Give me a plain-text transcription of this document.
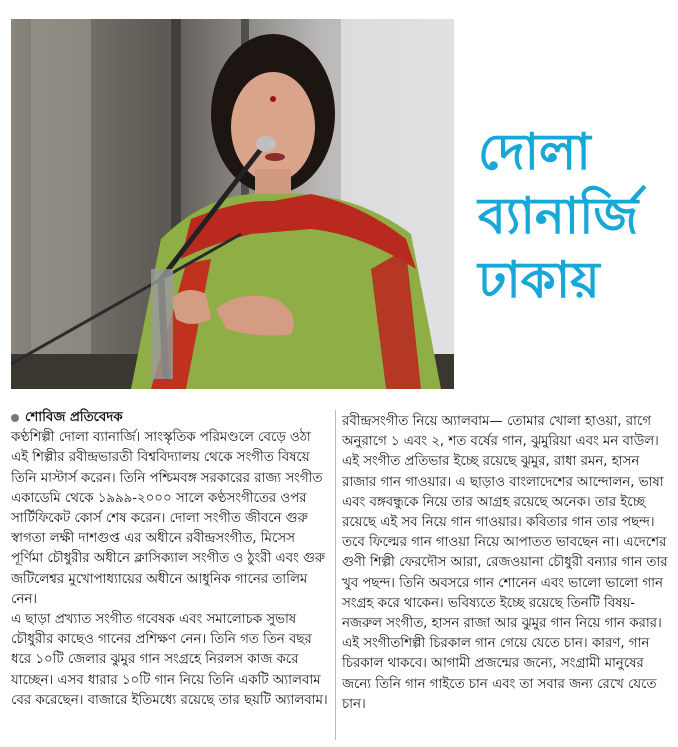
দোলা
ব্যানার্জি
ঢাকায়
শোবিজ প্রতিবেদক

কণ্ঠশিল্পী দোলা ব্যানার্জি। সাংস্কৃতিক পরিমণ্ডলে বেড়ে ওঠা এই শিল্পীর রবীন্দ্রভারতী বিশ্ববিদ্যালয় থেকে সংগীত বিষয়ে তিনি মাস্টার্স করেন। তিনি পশ্চিমবঙ্গ সরকারের রাজ্য সংগীত একাডেমি থেকে ১৯৯৯-২০০০ সালে কণ্ঠসংগীতের ওপর সার্টিফিকেট কোর্স শেষ করেন। দোলা সংগীত জীবনে গুরু স্বাগতা লক্ষী দাশগুপ্ত এর অধীনে রবীন্দ্রসংগীত, মিসেস পূর্ণিমা চৌধুরীর অধীনে ক্লাসিক্যাল সংগীত ও ঠুংরী এবং গুরু জটিলেশ্বর মুখোপাধ্যায়ের অধীনে আধুনিক গানের তালিম নেন।

এ ছাড়া প্রখ্যাত সংগীত গবেষক এবং সমালোচক সুভাষ চৌধুরীর কাছেও গানের প্রশিক্ষণ নেন। তিনি গত তিন বছর ধরে ১০টি জেলার ঝুমুর গান সংগ্রহে নিরলস কাজ করে যাচ্ছেন। এসব ধারার ১০টি গান নিয়ে তিনি একটি অ্যালবাম বের করেছেন। বাজারে ইতিমধ্যে রয়েছে তার ছয়টি অ্যালবাম।

রবীন্দ্রসংগীত নিয়ে অ্যালবাম— তোমার খোলা হাওয়া, রাগে অনুরাগে ১ এবং ২, শত বর্ষের গান, ঝুমুরিয়া এবং মন বাউল। এই সংগীত প্রতিভার ইচ্ছে রয়েছে ঝুমুর, রাধা রমন, হাসন রাজার গান গাওয়ার। এ ছাড়াও বাংলাদেশের আন্দোলন, ভাষা এবং বঙ্গবন্ধুকে নিয়ে তার আগ্রহ রয়েছে অনেক। তার ইচ্ছে রয়েছে এই সব নিয়ে গান গাওয়ার। কবিতার গান তার পছন্দ। তবে ফিল্মের গান গাওয়া নিয়ে আপাতত ভাবছেন না। এদেশের গুণী শিল্পী ফেরদৌস আরা, রেজওয়ানা চৌধুরী বন্যার গান তার খুব পছন্দ। তিনি অবসরে গান শোনেন এবং ভালো ভালো গান সংগ্রহ করে থাকেন। ভবিষ্যতে ইচ্ছে রয়েছে তিনটি বিষয়- নজরুল সংগীত, হাসন রাজা আর ঝুমুর গান নিয়ে গান করার। এই সংগীতশিল্পী চিরকাল গান গেয়ে যেতে চান। কারণ, গান চিরকাল থাকবে। আগামী প্রজন্মের জন্যে, সংগ্রামী মানুষের জন্যে তিনি গান গাইতে চান এবং তা সবার জন্য রেখে যেতে চান।
